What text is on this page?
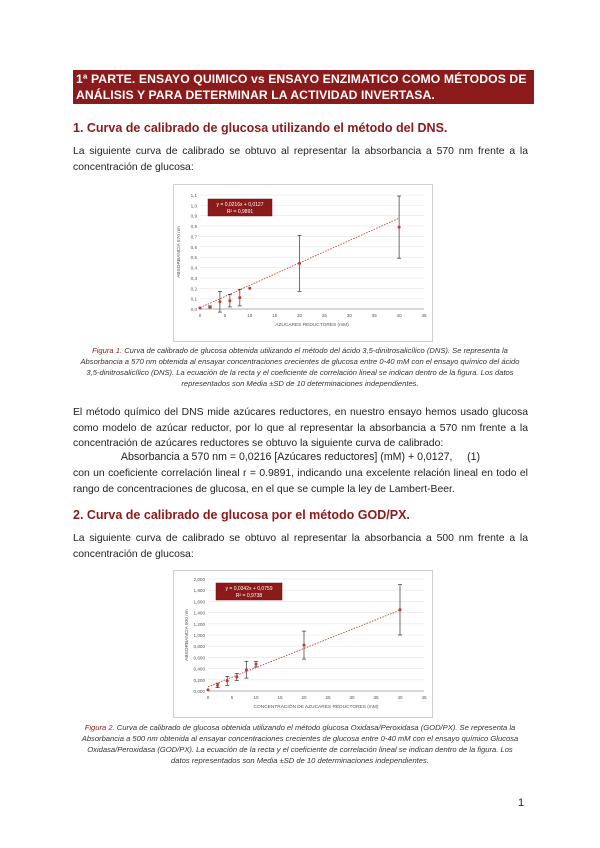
1ª PARTE. ENSAYO QUIMICO vs ENSAYO ENZIMATICO COMO MÉTODOS DE
ANÁLISIS Y PARA DETERMINAR LA ACTIVIDAD INVERTASA.
1. Curva de calibrado de glucosa utilizando el método del DNS.
La siguiente curva de calibrado se obtuvo al representar la absorbancia a 570 nm frente a la concentración de glucosa:
0,0
0,1
0,2
0,3
0,4
0,5
0,6
0,7
0,8
0,9
1,0
1,1
0	5	10	15	20	25	30	35	40	45
AZUCARES REDUCTORES (mM)
ABSORBANCIA 570 nm
y = 0,0216x + 0,0127
R² = 0,9891
Figura 1. Curva de calibrado de glucosa obtenida utilizando el método del ácido 3,5-dinitrosalicílico (DNS). Se representa la Absorbancia a 570 nm obtenida al ensayar concentraciones crecientes de glucosa entre 0-40 mM con el ensayo químico del ácido 3,5-dinitrosalicílico (DNS). La ecuación de la recta y el coeficiente de correlación lineal se indican dentro de la figura. Los datos representados son Media ±SD de 10 determinaciones independientes.
El método químico del DNS mide azúcares reductores, en nuestro ensayo hemos usado glucosa como modelo de azúcar reductor, por lo que al representar la absorbancia a 570 nm frente a la concentración de azúcares reductores se obtuvo la siguiente curva de calibrado:
Absorbancia a 570 nm = 0,0216 [Azúcares reductores] (mM) + 0,0127, (1)
con un coeficiente correlación lineal r = 0.9891, indicando una excelente relación lineal en todo el rango de concentraciones de glucosa, en el que se cumple la ley de Lambert-Beer.
2. Curva de calibrado de glucosa por el método GOD/PX.
La siguiente curva de calibrado se obtuvo al representar la absorbancia a 500 nm frente a la concentración de glucosa:
0,000
0,200
0,400
0,600
0,800
1,000
1,200
1,400
1,600
1,800
2,000
0	5	10	15	20	25	30	35	40	45
CONCENTRACIÓN DE AZUCARES REDUCTORES (mM)
ABSORBANCIA 500 nm
y = 0,0342x + 0,0759
R² = 0,9738
Figura 2. Curva de calibrado de glucosa obtenida utilizando el método glucosa Oxidasa/Peroxidasa (GOD/PX). Se representa la Absorbancia a 500 nm obtenida al ensayar concentraciones crecientes de glucosa entre 0-40 mM con el ensayo químico Glucosa Oxidasa/Peroxidasa (GOD/PX). La ecuación de la recta y el coeficiente de correlación lineal se indican dentro de la figura. Los datos representados son Media ±SD de 10 determinaciones independientes.
1
